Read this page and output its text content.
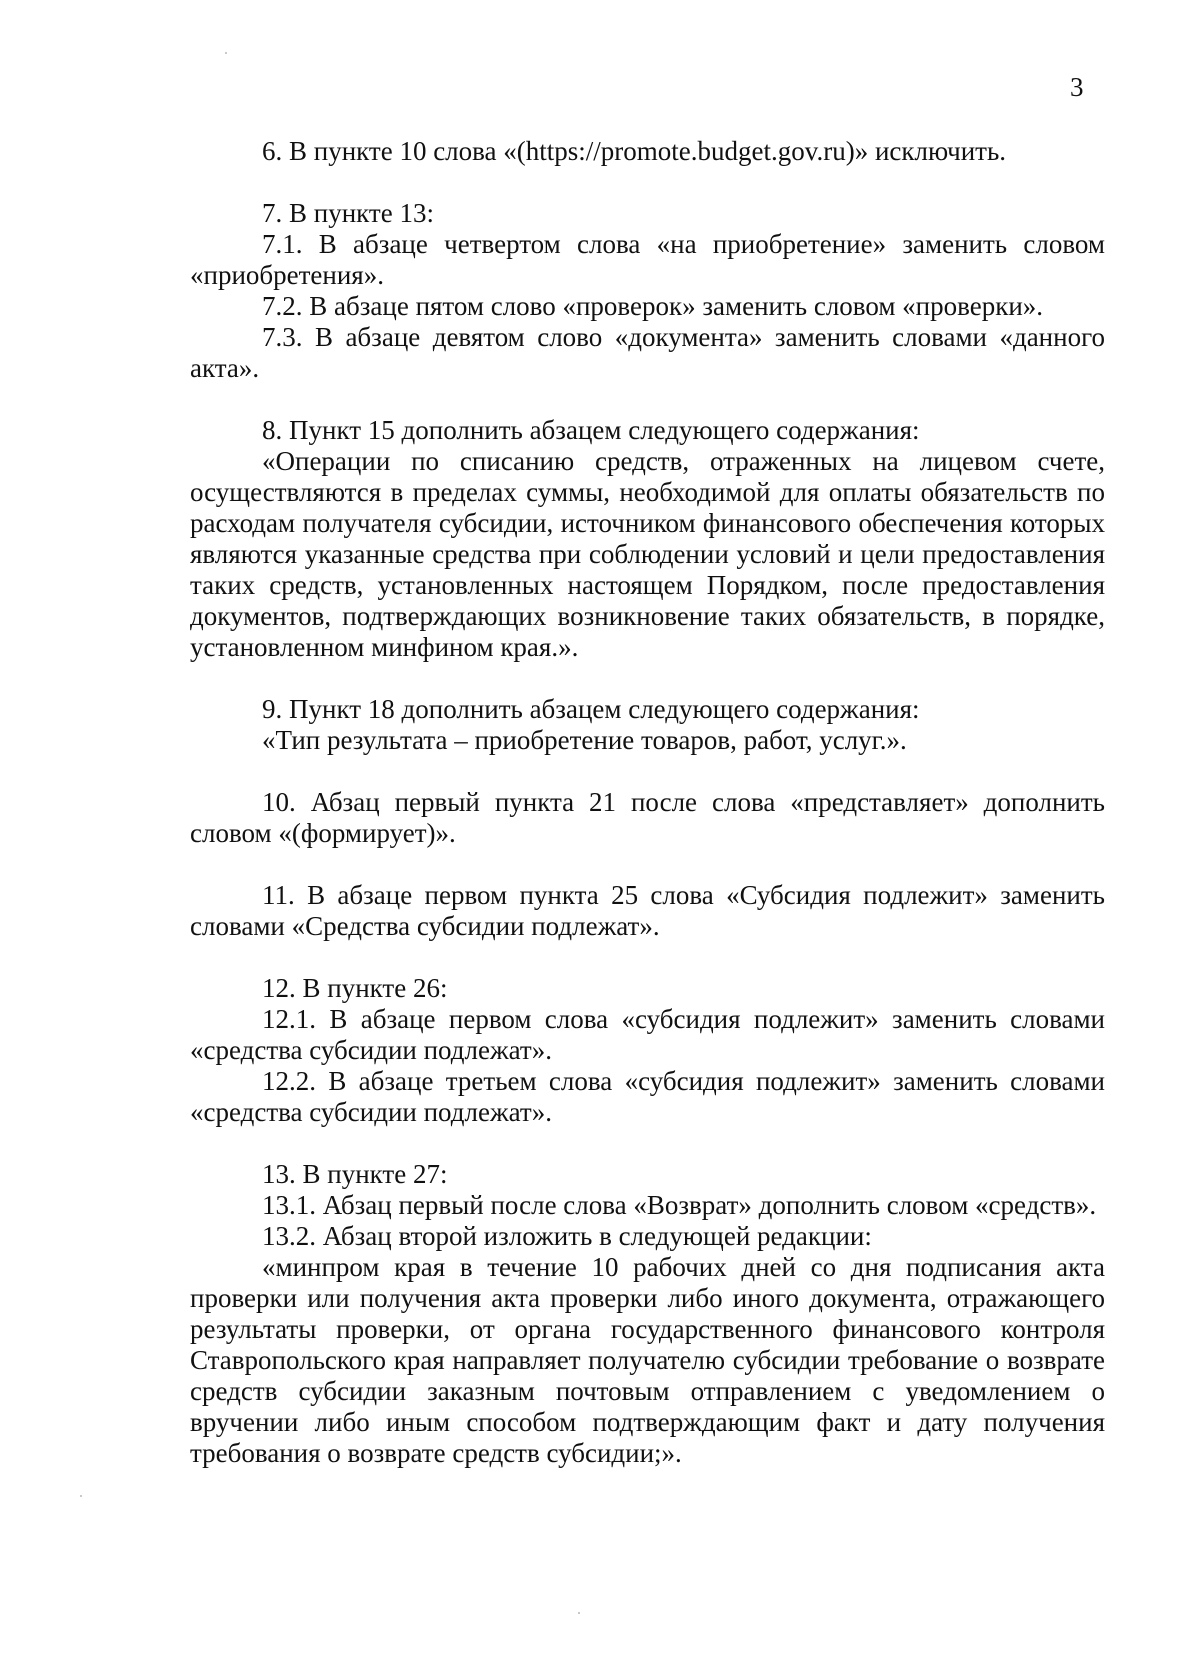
3

6. В пункте 10 слова «(https://promote.budget.gov.ru)» исключить.

7. В пункте 13:

7.1. В абзаце четвертом слова «на приобретение» заменить словом «приобретения».

7.2. В абзаце пятом слово «проверок» заменить словом «проверки».

7.3. В абзаце девятом слово «документа» заменить словами «данного акта».

8. Пункт 15 дополнить абзацем следующего содержания:

«Операции по списанию средств, отраженных на лицевом счете, осуществляются в пределах суммы, необходимой для оплаты обязательств по расходам получателя субсидии, источником финансового обеспечения которых являются указанные средства при соблюдении условий и цели предоставления таких средств, установленных настоящем Порядком, после предоставления документов, подтверждающих возникновение таких обязательств, в порядке, установленном минфином края.».

9. Пункт 18 дополнить абзацем следующего содержания:

«Тип результата – приобретение товаров, работ, услуг.».

10. Абзац первый пункта 21 после слова «представляет» дополнить словом «(формирует)».

11. В абзаце первом пункта 25 слова «Субсидия подлежит» заменить словами «Средства субсидии подлежат».

12. В пункте 26:

12.1. В абзаце первом слова «субсидия подлежит» заменить словами «средства субсидии подлежат».

12.2. В абзаце третьем слова «субсидия подлежит» заменить словами «средства субсидии подлежат».

13. В пункте 27:

13.1. Абзац первый после слова «Возврат» дополнить словом «средств».

13.2. Абзац второй изложить в следующей редакции:

«минпром края в течение 10 рабочих дней со дня подписания акта проверки или получения акта проверки либо иного документа, отражающего результаты проверки, от органа государственного финансового контроля Ставропольского края направляет получателю субсидии требование о возврате средств субсидии заказным почтовым отправлением с уведомлением о вручении либо иным способом подтверждающим факт и дату получения требования о возврате средств субсидии;».
